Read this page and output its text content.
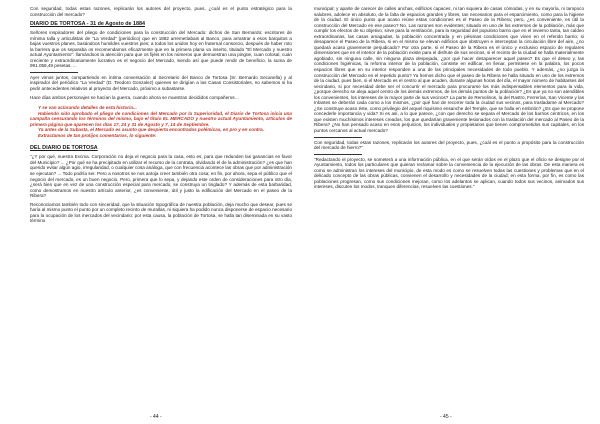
Con seguridad, todas estas razones, replicarán los autores del proyecto, pues, ¿cuál es el punto estratégico para la construcción del mercado?

DIARIO DE TORTOSA - 31 de Agosto de 1884

Señores inspiradores del pliego de condiciones para la construcción del Mercado: dichos de San Bernardo: escritores de mínima talla y articulistas de "La Verdad" (periódico) que en 1882 arremetíabais al Banco, para arrastrar a esos barquitos a bajas vuestros planes, basándoos humildes vuestros pies; a todos los unidos hoy en fraternal consorcio, después de haber roto la barrera que os separaba os recomendamos eficazmente que en la primera plana va inserto, titulado "El Mercado y nuestro actual Ayuntamiento": llamándoos la atención para que os fijéis en los números que demuestran una pingüe, cuan colosal, cuán creciente y extraordinariamente lucrativo es el negocio del Mercado, siendo así que puede rendir de beneficio, la suma de 991.058,49 pesetas. ...

Ayer vimos juntos, compartiendo en íntima conversación al Secretario del Banco de Tortosa (Sr. Bernardo Secanella) y al inspirador del periódico "La Verdad" (D. Teodoro Gonzalez) quienes se dirigían a las Casas Consistoriales, no sabemos si ha pedir antecedentes relativos al proyecto del Mercado, próximo a subastarse.

Hace días ambos personajes se hacían la guerra, cuando ahora se muestran decididos compañeros…

Y se van aclarando detalles de esta historia...

Habiendo sido aprobado el pliego de condiciones del Mercado por la Superioridad, el Diario de Tortosa inicia una campaña censurando los términos del mismo, bajo el título EL MERCADO y nuestro actual Ayuntamiento, artículos de primera página que aparecen los días 17, 24 y 31 de Agosto y 7, 14 de Septiembre.

Ya antes de la Subasta, el Mercado es asunto que despierta encontradas polémicas, en pro y en contra.

Extractamos de tan prolijos comentarios, lo siguiente:

DEL DIARIO DE TORTOSA

"¿Y por qué, nuestra Excma. Corporación no deja el negocio para la casa, esto es, para que redunden las ganancias en favor del Municipio? ... ¿Por qué se ha precipitado en utilizar el recurso de la contrata, olvidando el de la administración? ¿es que han querido evitar algún agio, irregularidad, o cualquier cosa análoga, que con frecuencia acontece las obras que por administración se ejecutan? ... Todo podría ser. Pero a nosotros se nos antoja creer también otra cosa; en fin, por ahora, sepa el público que el negocio del mercado, es un buen negocio. Pero, primera que lo sepa, y dejando este orden de consideraciones para otro día, ¿será bien que en vez de una construcción especial para mercado, se construya un tinglado? Y además de esta barbaridad, como demostramos en nuestro artículo anterior, ¿es conveniente, útil y justo la edificación del Mercado en el paseo de la Ribera?

Reconociamos también todo con sinceridad, que la situación topográfica de nuestra población, deja mucho que desear, pues se haría al mismo punto el punto por un completo recinto de murallas, ni siquiera ha podido nunca disponerse de espacio necesario para la ocupación de los mercados del vecindario: por esta causa, la población de Tortosa, se halla tan diseminada en su vasto término

- 44 -

municipal; y aparte de carecer de calles anchas, edificios capaces, ni tan siquiera de casas cómodas, y en su mayoría, ni tampoco salubres, adolece en absoluto, de la falta de espacios grandes y libres, tan necesarios para el esparcimiento, como para la higiene de la ciudad. El único punto que acaso reúne estas condiciones es el Paseo de la Ribera; pero, ¿es conveniente, es útil la construcción del Mercado en ese paseo? No. Las razones son evidentes; situado en uno de los extremos de la población, más que cumplir los efectos de su objetivo, sirve para la ventilación, para la seguridad del populoso barrio que en el invierno tanta, tan caldeo extraordinarias, las casas amagadas, la población concentrada y en pésimas condiciones que viven en el referido barrio; si desaparece el Paseo de la Ribera, si en el mismo se elevan edificios que obstruyen e interceptan la circulación libre del aire, ¿no quedará acaso gravemente perjudicado? Por otra parte, si el Paseo de la Ribera es el único y exclusivo espacio de regulares dimensiones que en el interior de la población existe para el disfrute de sus vecinos, si el recinto de la ciudad se halla materialmente agobiado, sin ninguna calle, sin ninguna plaza despejada, ¿por qué hacer desaparecer aquel paseo? Es que el deseo y, las condiciones higiénicas, la reforma interior de la población, consiste en edificar, en llenar, permitiese en la palabra, los pocos espacios libres que en su interior responden a una de las principales necesidades de todo pueblo. Y además, ¿no juzga la construcción del Mercado en el repetido punto? Ya hemos dicho que el paseo de la Ribera se halla situado en uno de los extremos de la ciudad, pues bien, si el Mercado es el centro al que acuden, durante algunas horas del día, el mayor número de habitantes del vecindario, si por necesidad debe ser el concurrir el mercado para procurarse los más indispensables elementos para la vida, ¿porque derecho se aleja aquel centro de los demás extremos, de los demás puntos de la población? ¿Es que ya no son atendibles los convenientes, los intereses de la mayor parte de sus vecinos? La parte de Remolinos, la del Rastro, Ferrerías, San Vicente y las Infantes se deberán cada como a los mismos, ¿por qué han de recorrer toda la ciudad sus vecinos, para trasladarse al Mercado? ¿Se construye acaso éste, como privilegio del arquel riquísimo ensanche del Temple, que se halla en embrión? ¿Es que se propone concederle importancia y vida? Si es así, a lo que parece, ¿con que derecho se separa el Mercado de los barrios céntricos, en los que existen muchísimos intereses creados, los que quedarían gravemente lesionados con la traslación del mercado al Paseo de la Ribera? ¿No han pensado acaso en esos perjuicios, los individuales y propietarios que tienen comprometidos sus capitales, en los puntos cercanos al actual mercado?

Con seguridad, todas estas razones, replicarán los autores del proyecto, pues, ¿cuál es el punto a propósito para la construcción del mercado de hierro?"

"Redactando el proyecto, se someterá a una información pública, en el que serán oídos en el plazo que el oficio se designe por el Ayuntamiento, todos los particulares que quieran reclamar sobre la conveniencia de la ejecución de las obras. De esta manera es como se administran los intereses del municipio, de esta modo es como se resuelven todas las cuestiones y problemas que en el delicado concepto de las obras públicas, convienen el desarrollo y necesidades de la ciudad; en esta forma, por fin, es como las poblaciones progresan, como sus condiciones mejoran, como los adelantos se aplican, cuando todos sus vecinos, animados sus intereses, discuten los modos, tranquen diferencias, resuelven las cuestiones."

- 45 -
